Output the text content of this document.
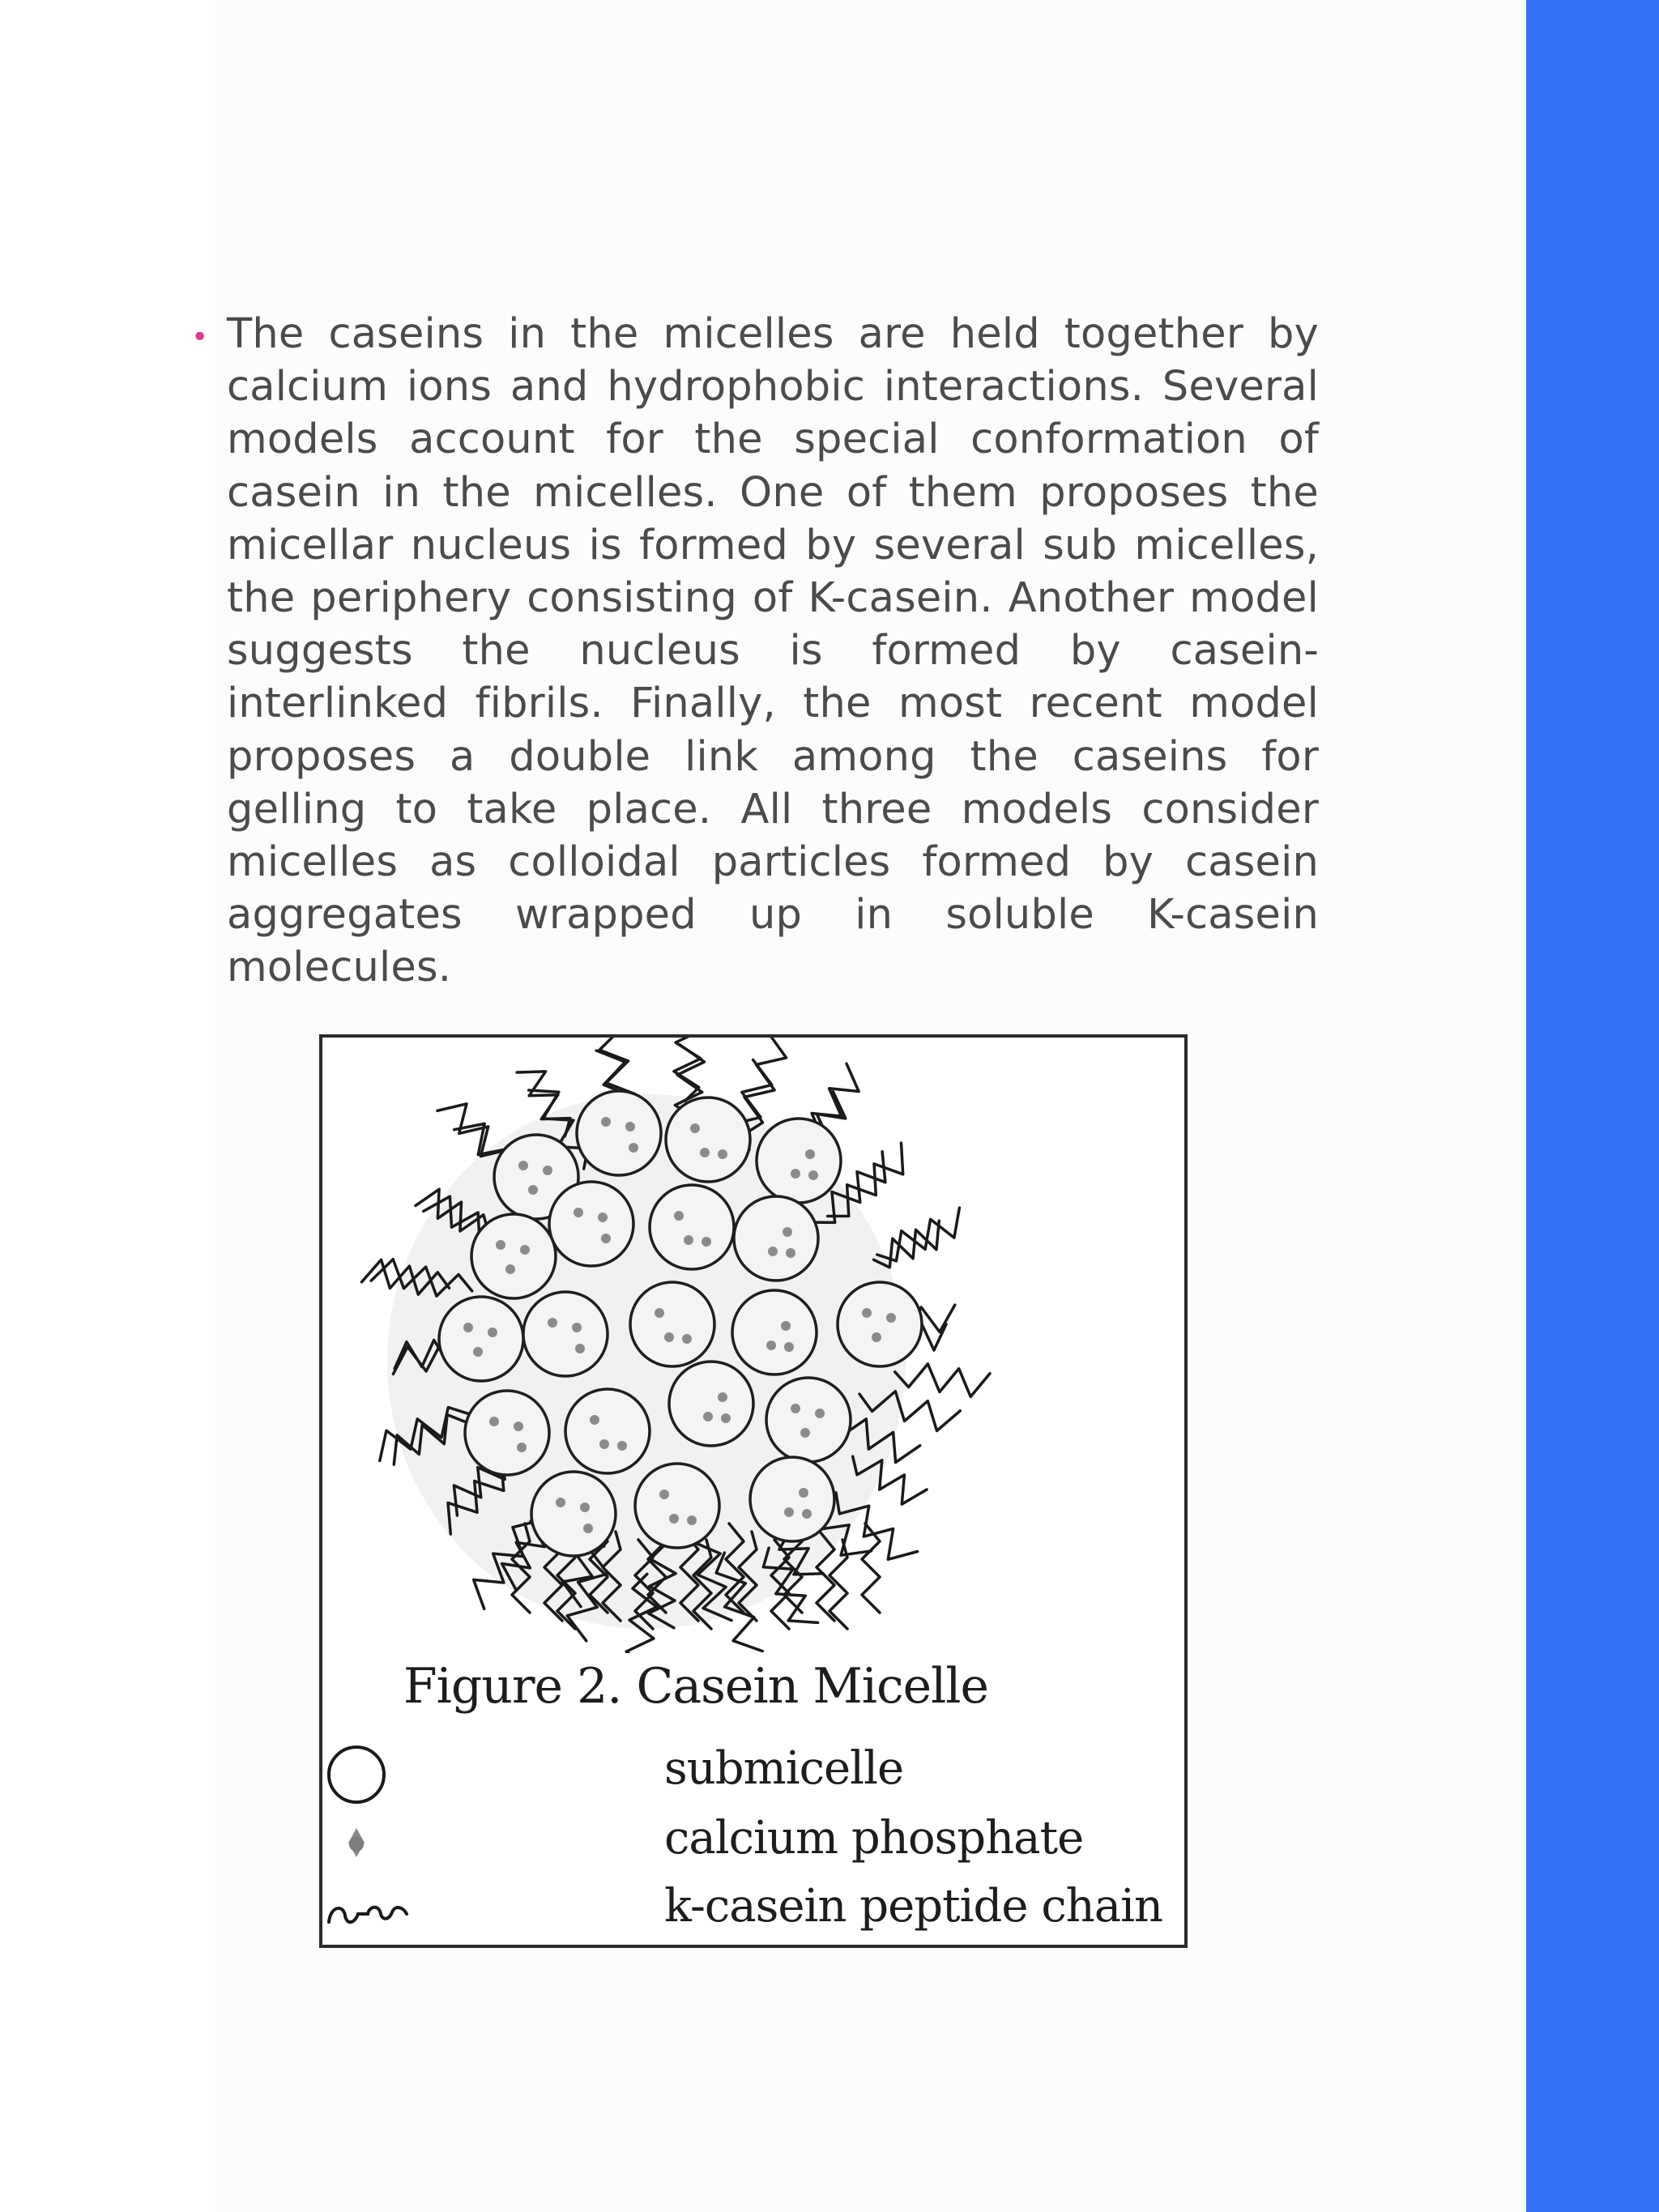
• The caseins in the micelles are held together by calcium ions and hydrophobic interactions. Several models account for the special conformation of casein in the micelles. One of them proposes the micellar nucleus is formed by several sub micelles, the periphery consisting of K-casein. Another model suggests the nucleus is formed by casein-interlinked fibrils. Finally, the most recent model proposes a double link among the caseins for gelling to take place. All three models consider micelles as colloidal particles formed by casein aggregates wrapped up in soluble K-casein molecules.
Figure 2. Casein Micelle
submicelle
calcium phosphate
k-casein peptide chain
